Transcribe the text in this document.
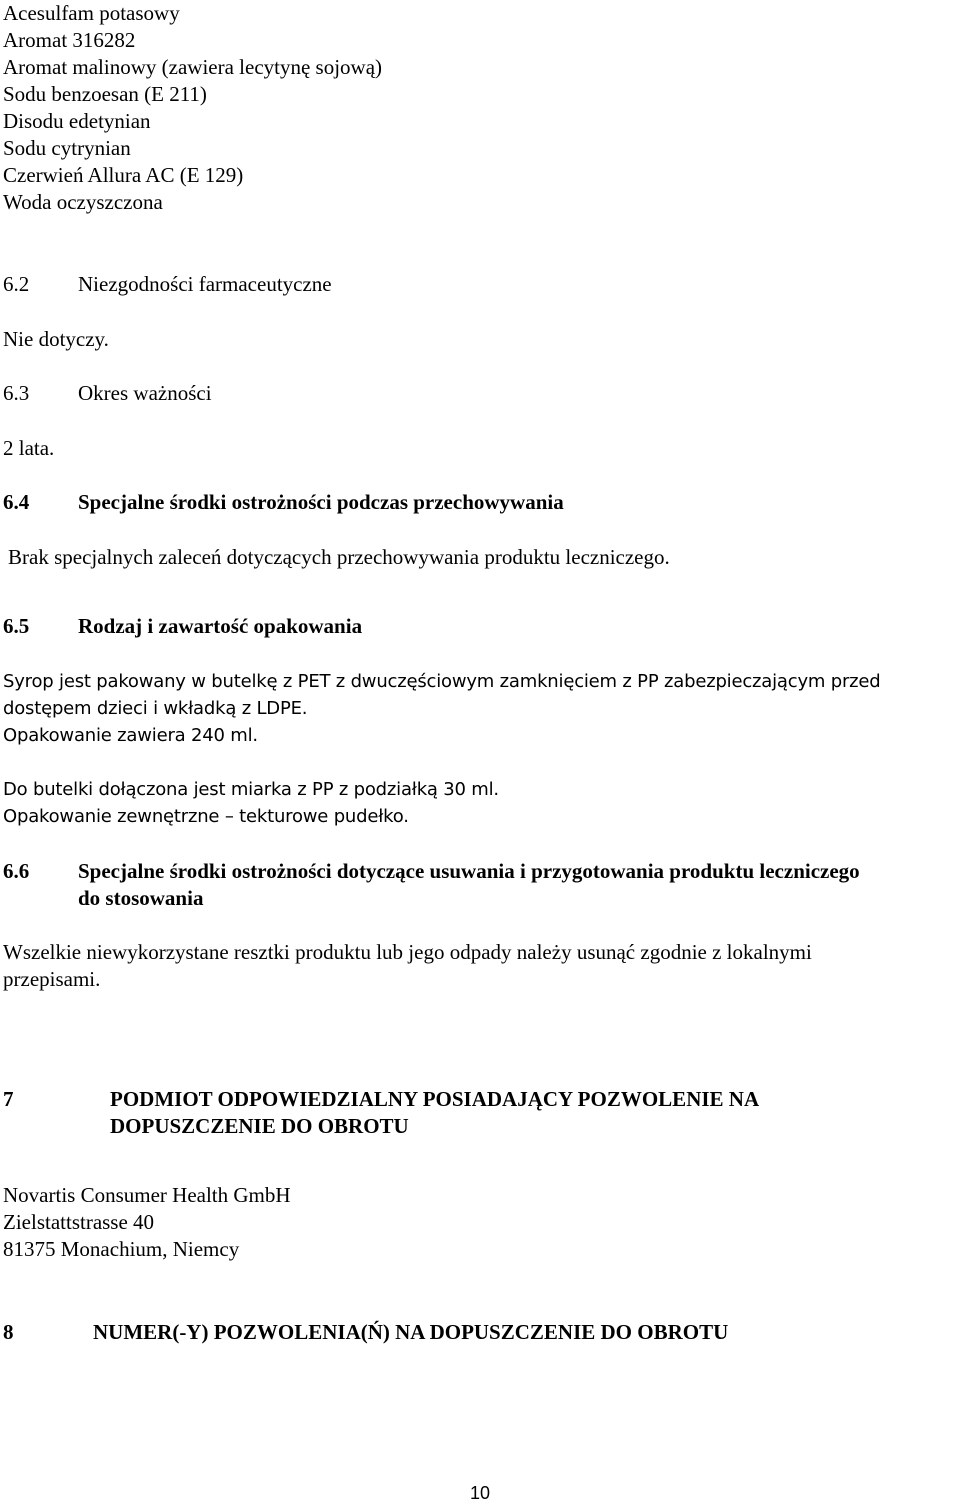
Acesulfam potasowy
Aromat 316282
Aromat malinowy (zawiera lecytynę sojową)
Sodu benzoesan (E 211)
Disodu edetynian
Sodu cytrynian
Czerwień Allura AC (E 129)
Woda oczyszczona
6.2 Niezgodności farmaceutyczne
Nie dotyczy.
6.3 Okres ważności
2 lata.
6.4 Specjalne środki ostrożności podczas przechowywania
Brak specjalnych zaleceń dotyczących przechowywania produktu leczniczego.
6.5 Rodzaj i zawartość opakowania
Syrop jest pakowany w butelkę z PET z dwuczęściowym zamknięciem z PP zabezpieczającym przed
dostępem dzieci i wkładką z LDPE.
Opakowanie zawiera 240 ml.
Do butelki dołączona jest miarka z PP z podziałką 30 ml.
Opakowanie zewnętrzne – tekturowe pudełko.
6.6 Specjalne środki ostrożności dotyczące usuwania i przygotowania produktu leczniczego
do stosowania
Wszelkie niewykorzystane resztki produktu lub jego odpady należy usunąć zgodnie z lokalnymi
przepisami.
7	PODMIOT ODPOWIEDZIALNY POSIADAJĄCY POZWOLENIE NA
DOPUSZCZENIE DO OBROTU
Novartis Consumer Health GmbH
Zielstattstrasse 40
81375 Monachium, Niemcy
8	NUMER(-Y) POZWOLENIA(Ń) NA DOPUSZCZENIE DO OBROTU
10
